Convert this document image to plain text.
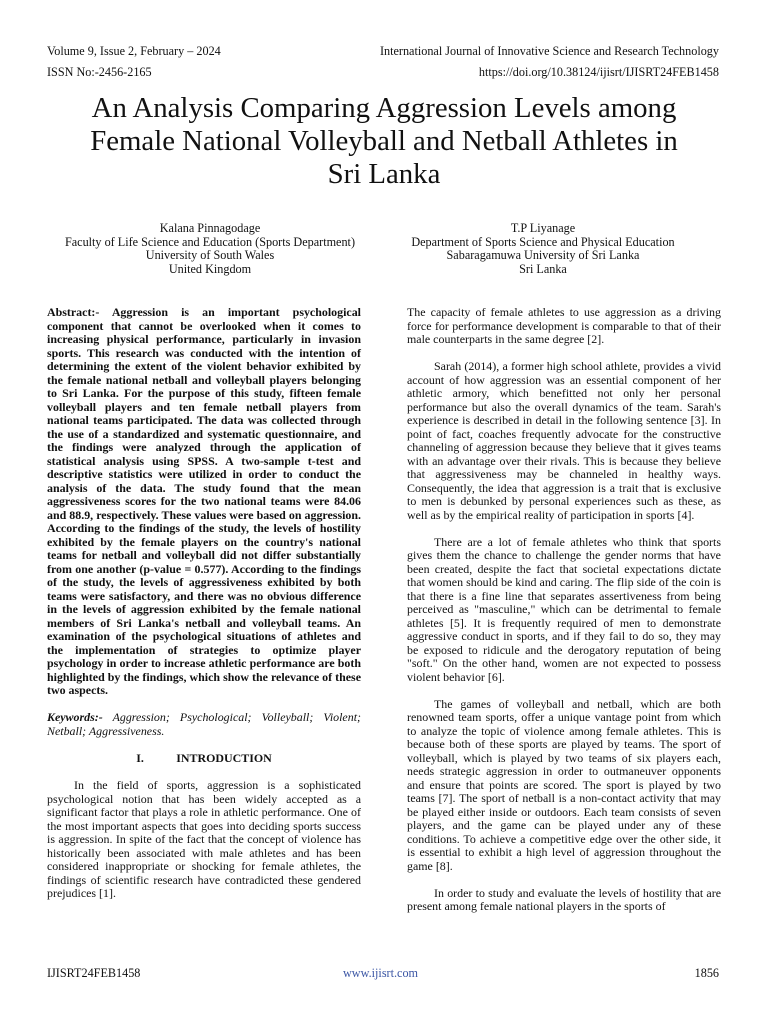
Volume 9, Issue 2, February – 2024	International Journal of Innovative Science and Research Technology
ISSN No:-2456-2165	https://doi.org/10.38124/ijisrt/IJISRT24FEB1458
An Analysis Comparing Aggression Levels among
Female National Volleyball and Netball Athletes in
Sri Lanka
Kalana Pinnagodage
Faculty of Life Science and Education (Sports Department)
University of South Wales
United Kingdom
T.P Liyanage
Department of Sports Science and Physical Education
Sabaragamuwa University of Sri Lanka
Sri Lanka

Abstract:- Aggression is an important psychological component that cannot be overlooked when it comes to increasing physical performance, particularly in invasion sports. This research was conducted with the intention of determining the extent of the violent behavior exhibited by the female national netball and volleyball players belonging to Sri Lanka. For the purpose of this study, fifteen female volleyball players and ten female netball players from national teams participated. The data was collected through the use of a standardized and systematic questionnaire, and the findings were analyzed through the application of statistical analysis using SPSS. A two-sample t-test and descriptive statistics were utilized in order to conduct the analysis of the data. The study found that the mean aggressiveness scores for the two national teams were 84.06 and 88.9, respectively. These values were based on aggression. According to the findings of the study, the levels of hostility exhibited by the female players on the country's national teams for netball and volleyball did not differ substantially from one another (p-value = 0.577). According to the findings of the study, the levels of aggressiveness exhibited by both teams were satisfactory, and there was no obvious difference in the levels of aggression exhibited by the female national members of Sri Lanka's netball and volleyball teams. An examination of the psychological situations of athletes and the implementation of strategies to optimize player psychology in order to increase athletic performance are both highlighted by the findings, which show the relevance of these two aspects.

Keywords:- Aggression; Psychological; Volleyball; Violent; Netball; Aggressiveness.

I.	INTRODUCTION

In the field of sports, aggression is a sophisticated psychological notion that has been widely accepted as a significant factor that plays a role in athletic performance. One of the most important aspects that goes into deciding sports success is aggression. In spite of the fact that the concept of violence has historically been associated with male athletes and has been considered inappropriate or shocking for female athletes, the findings of scientific research have contradicted these gendered prejudices [1].

The capacity of female athletes to use aggression as a driving force for performance development is comparable to that of their male counterparts in the same degree [2].

Sarah (2014), a former high school athlete, provides a vivid account of how aggression was an essential component of her athletic armory, which benefitted not only her personal performance but also the overall dynamics of the team. Sarah's experience is described in detail in the following sentence [3]. In point of fact, coaches frequently advocate for the constructive channeling of aggression because they believe that it gives teams with an advantage over their rivals. This is because they believe that aggressiveness may be channeled in healthy ways. Consequently, the idea that aggression is a trait that is exclusive to men is debunked by personal experiences such as these, as well as by the empirical reality of participation in sports [4].

There are a lot of female athletes who think that sports gives them the chance to challenge the gender norms that have been created, despite the fact that societal expectations dictate that women should be kind and caring. The flip side of the coin is that there is a fine line that separates assertiveness from being perceived as "masculine," which can be detrimental to female athletes [5]. It is frequently required of men to demonstrate aggressive conduct in sports, and if they fail to do so, they may be exposed to ridicule and the derogatory reputation of being "soft." On the other hand, women are not expected to possess violent behavior [6].

The games of volleyball and netball, which are both renowned team sports, offer a unique vantage point from which to analyze the topic of violence among female athletes. This is because both of these sports are played by teams. The sport of volleyball, which is played by two teams of six players each, needs strategic aggression in order to outmaneuver opponents and ensure that points are scored. The sport is played by two teams [7]. The sport of netball is a non-contact activity that may be played either inside or outdoors. Each team consists of seven players, and the game can be played under any of these conditions. To achieve a competitive edge over the other side, it is essential to exhibit a high level of aggression throughout the game [8].

In order to study and evaluate the levels of hostility that are present among female national players in the sports of

IJISRT24FEB1458	www.ijisrt.com	1856
